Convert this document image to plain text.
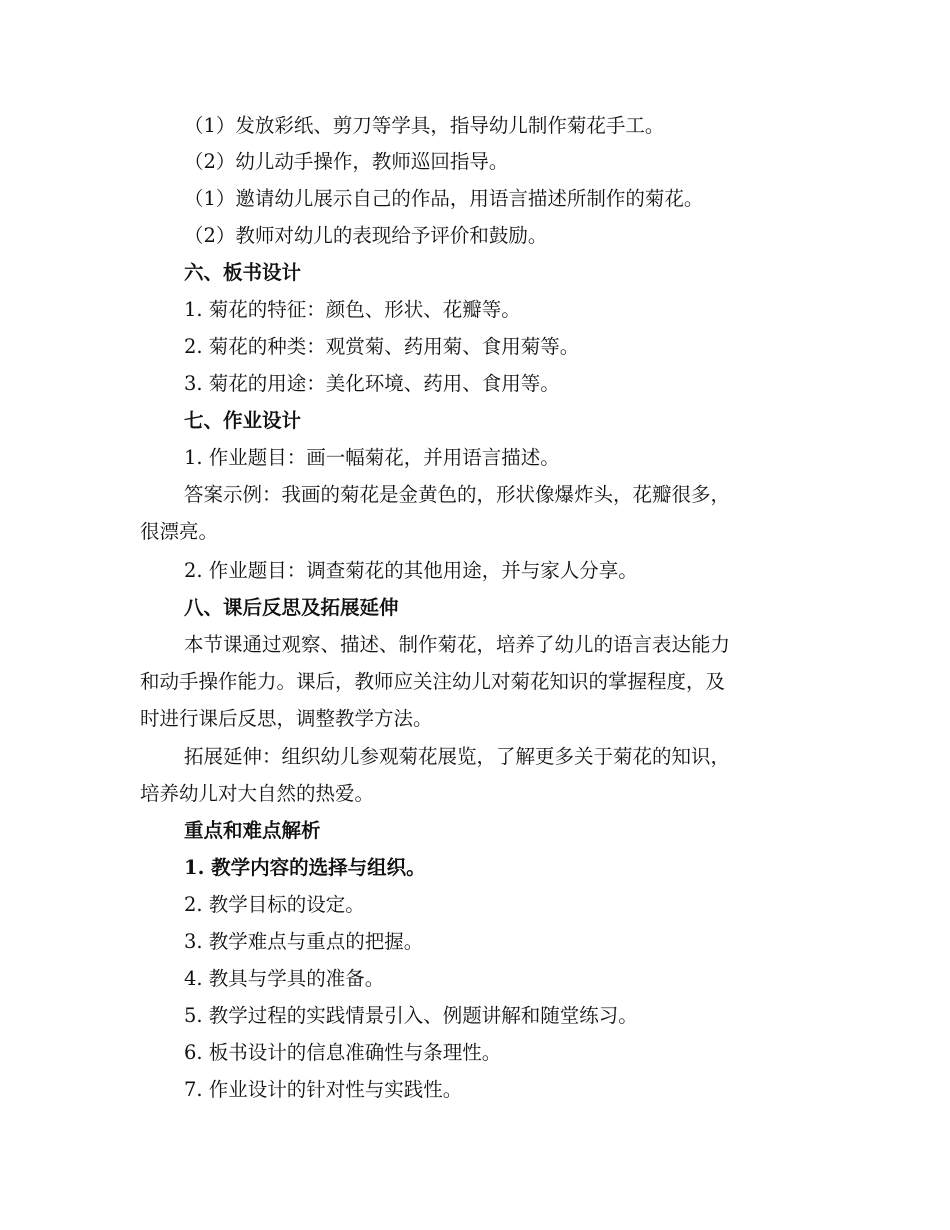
（1）发放彩纸、剪刀等学具，指导幼儿制作菊花手工。
（2）幼儿动手操作，教师巡回指导。
（1）邀请幼儿展示自己的作品，用语言描述所制作的菊花。
（2）教师对幼儿的表现给予评价和鼓励。
六、板书设计
1. 菊花的特征：颜色、形状、花瓣等。
2. 菊花的种类：观赏菊、药用菊、食用菊等。
3. 菊花的用途：美化环境、药用、食用等。
七、作业设计
1. 作业题目：画一幅菊花，并用语言描述。
答案示例：我画的菊花是金黄色的，形状像爆炸头，花瓣很多，
很漂亮。
2. 作业题目：调查菊花的其他用途，并与家人分享。
八、课后反思及拓展延伸
本节课通过观察、描述、制作菊花，培养了幼儿的语言表达能力
和动手操作能力。课后，教师应关注幼儿对菊花知识的掌握程度，及
时进行课后反思，调整教学方法。
拓展延伸：组织幼儿参观菊花展览，了解更多关于菊花的知识，
培养幼儿对大自然的热爱。
重点和难点解析
1. 教学内容的选择与组织。
2. 教学目标的设定。
3. 教学难点与重点的把握。
4. 教具与学具的准备。
5. 教学过程的实践情景引入、例题讲解和随堂练习。
6. 板书设计的信息准确性与条理性。
7. 作业设计的针对性与实践性。
